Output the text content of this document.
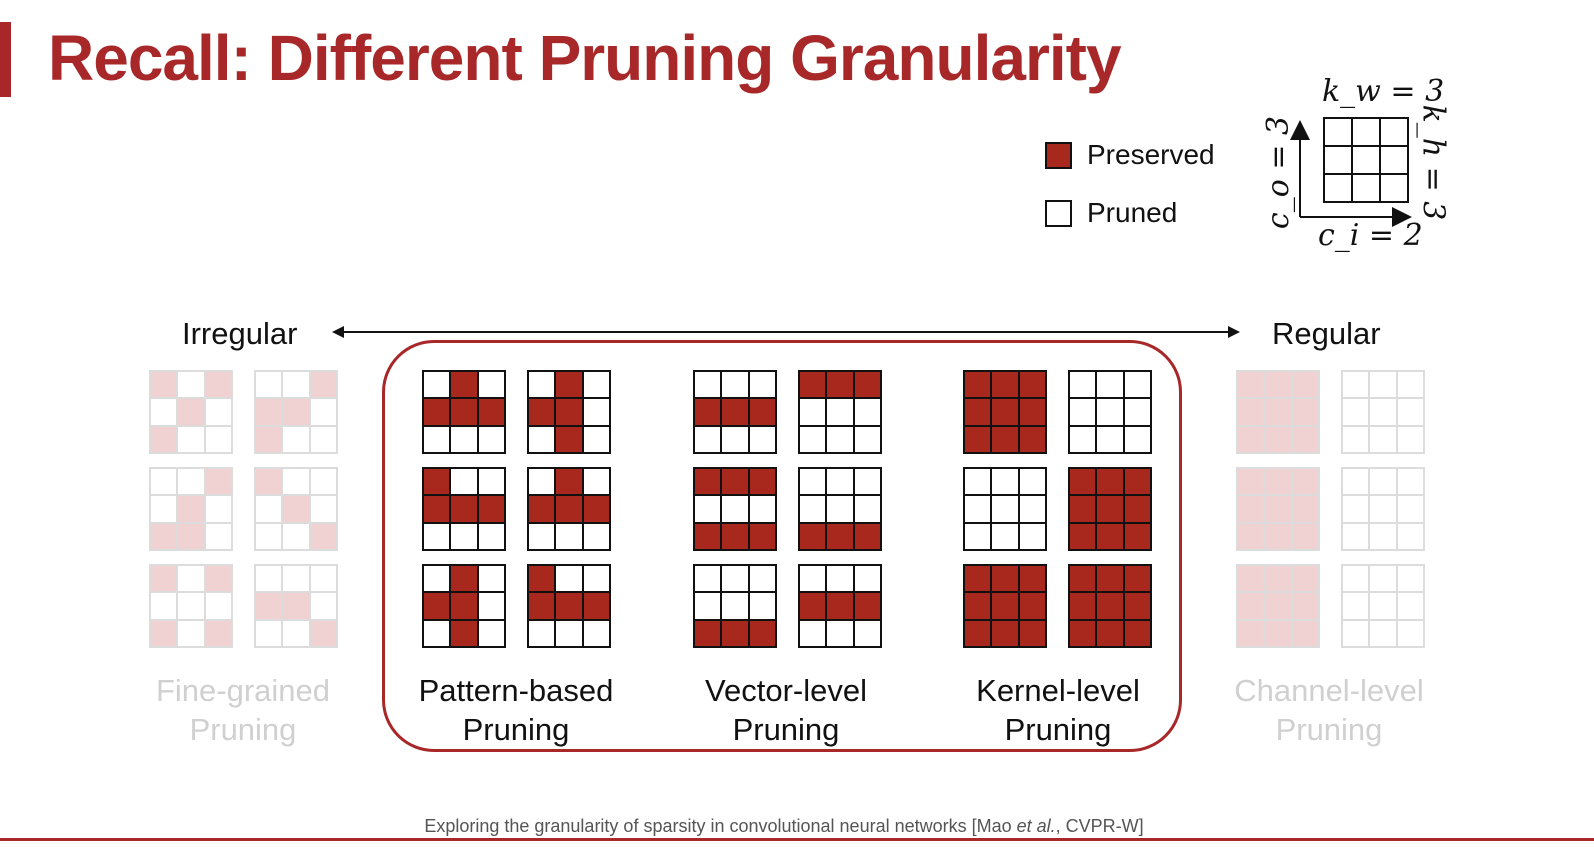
Recall: Different Pruning Granularity
Preserved
Pruned
k_w = 3
c_o = 3	k_h = 3
c_i = 2
Irregular	Regular
Fine-grained
Pruning
Pattern-based
Pruning
Vector-level
Pruning
Kernel-level
Pruning
Channel-level
Pruning
Exploring the granularity of sparsity in convolutional neural networks [Mao et al., CVPR-W]
